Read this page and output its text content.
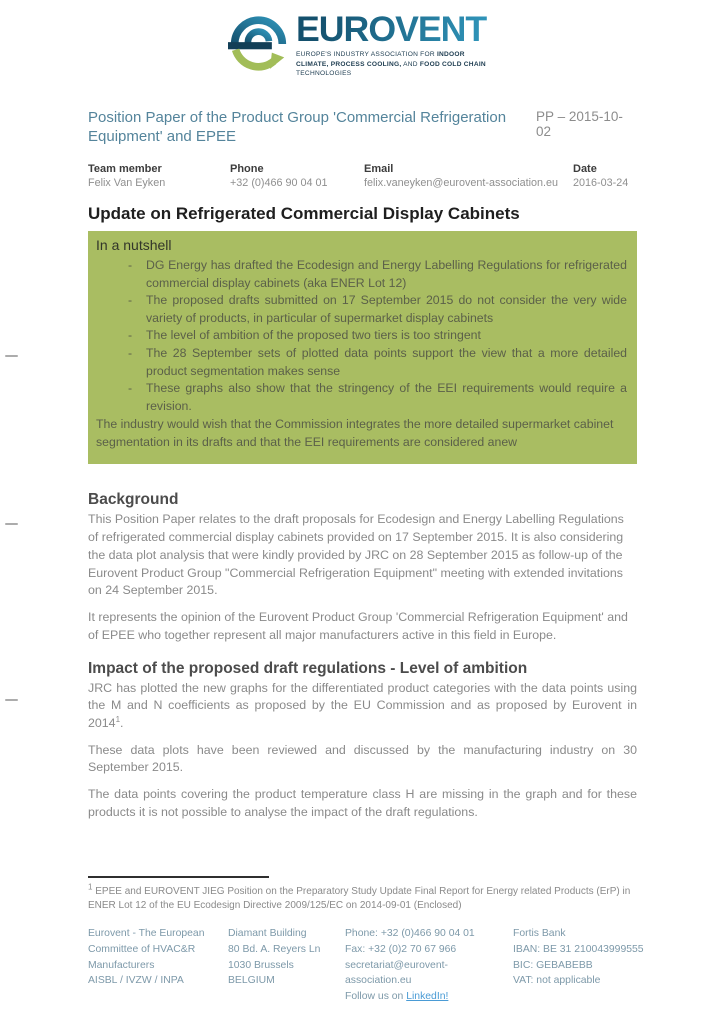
EUROVENT
EUROPE'S INDUSTRY ASSOCIATION FOR INDOOR CLIMATE, PROCESS COOLING, AND FOOD COLD CHAIN TECHNOLOGIES
Position Paper of the Product Group 'Commercial Refrigeration Equipment' and EPEE
PP – 2015-10-02
Team member
Felix Van Eyken
Phone
+32 (0)466 90 04 01
Email
felix.vaneyken@eurovent-association.eu
Date
2016-03-24
Update on Refrigerated Commercial Display Cabinets
In a nutshell
- DG Energy has drafted the Ecodesign and Energy Labelling Regulations for refrigerated commercial display cabinets (aka ENER Lot 12)
- The proposed drafts submitted on 17 September 2015 do not consider the very wide variety of products, in particular of supermarket display cabinets
- The level of ambition of the proposed two tiers is too stringent
- The 28 September sets of plotted data points support the view that a more detailed product segmentation makes sense
- These graphs also show that the stringency of the EEI requirements would require a revision.

The industry would wish that the Commission integrates the more detailed supermarket cabinet segmentation in its drafts and that the EEI requirements are considered anew

Background

This Position Paper relates to the draft proposals for Ecodesign and Energy Labelling Regulations of refrigerated commercial display cabinets provided on 17 September 2015. It is also considering the data plot analysis that were kindly provided by JRC on 28 September 2015 as follow-up of the Eurovent Product Group "Commercial Refrigeration Equipment" meeting with extended invitations on 24 September 2015.

It represents the opinion of the Eurovent Product Group 'Commercial Refrigeration Equipment' and of EPEE who together represent all major manufacturers active in this field in Europe.

Impact of the proposed draft regulations - Level of ambition

JRC has plotted the new graphs for the differentiated product categories with the data points using the M and N coefficients as proposed by the EU Commission and as proposed by Eurovent in 2014$^1$.

These data plots have been reviewed and discussed by the manufacturing industry on 30 September 2015.

The data points covering the product temperature class H are missing in the graph and for these products it is not possible to analyse the impact of the draft regulations.

$^1$ EPEE and EUROVENT JIEG Position on the Preparatory Study Update Final Report for Energy related Products (ErP) in ENER Lot 12 of the EU Ecodesign Directive 2009/125/EC on 2014-09-01 (Enclosed)

Eurovent - The European
Committee of HVAC&R
Manufacturers
AISBL / IVZW / INPA
Diamant Building
80 Bd. A. Reyers Ln
1030 Brussels
BELGIUM
Phone: +32 (0)466 90 04 01
Fax: +32 (0)2 70 67 966
secretariat@eurovent-association.eu
Follow us on LinkedIn!
Fortis Bank
IBAN: BE 31 210043999555
BIC: GEBABEBB
VAT: not applicable
